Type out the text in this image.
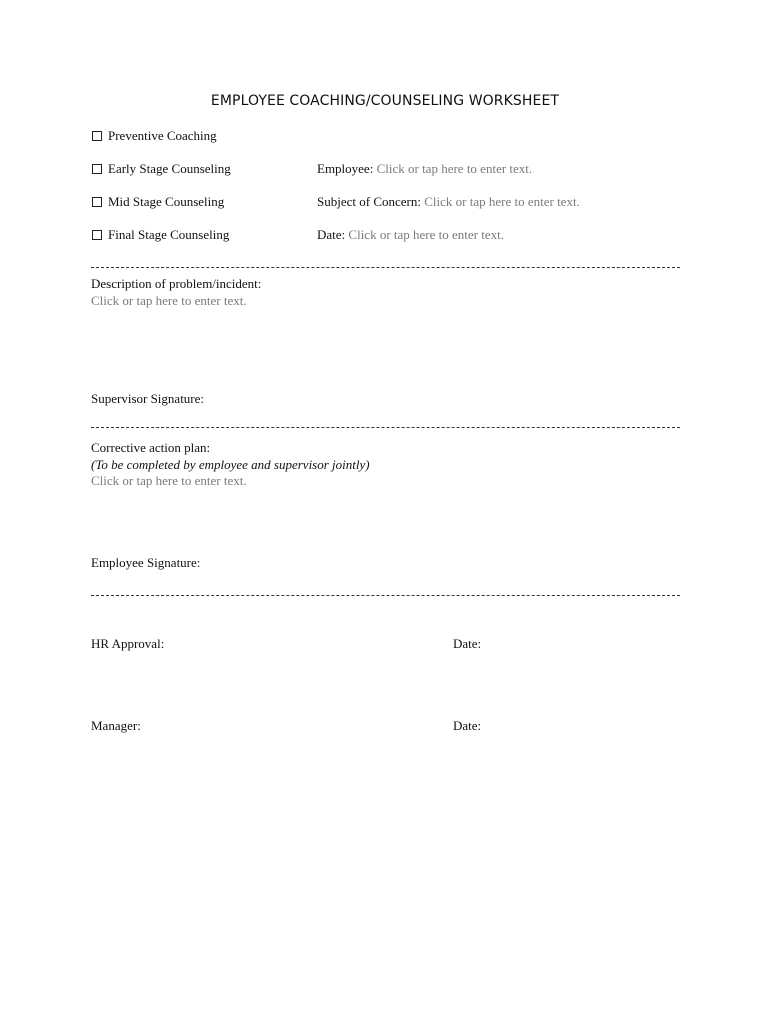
EMPLOYEE COACHING/COUNSELING WORKSHEET
Preventive Coaching
Early Stage Counseling
Mid Stage Counseling
Final Stage Counseling
Employee: Click or tap here to enter text.
Subject of Concern: Click or tap here to enter text.
Date: Click or tap here to enter text.
Description of problem/incident:
Click or tap here to enter text.
Supervisor Signature:
Corrective action plan:
(To be completed by employee and supervisor jointly)
Click or tap here to enter text.
Employee Signature:
HR Approval:	Date:
Manager:	Date:
